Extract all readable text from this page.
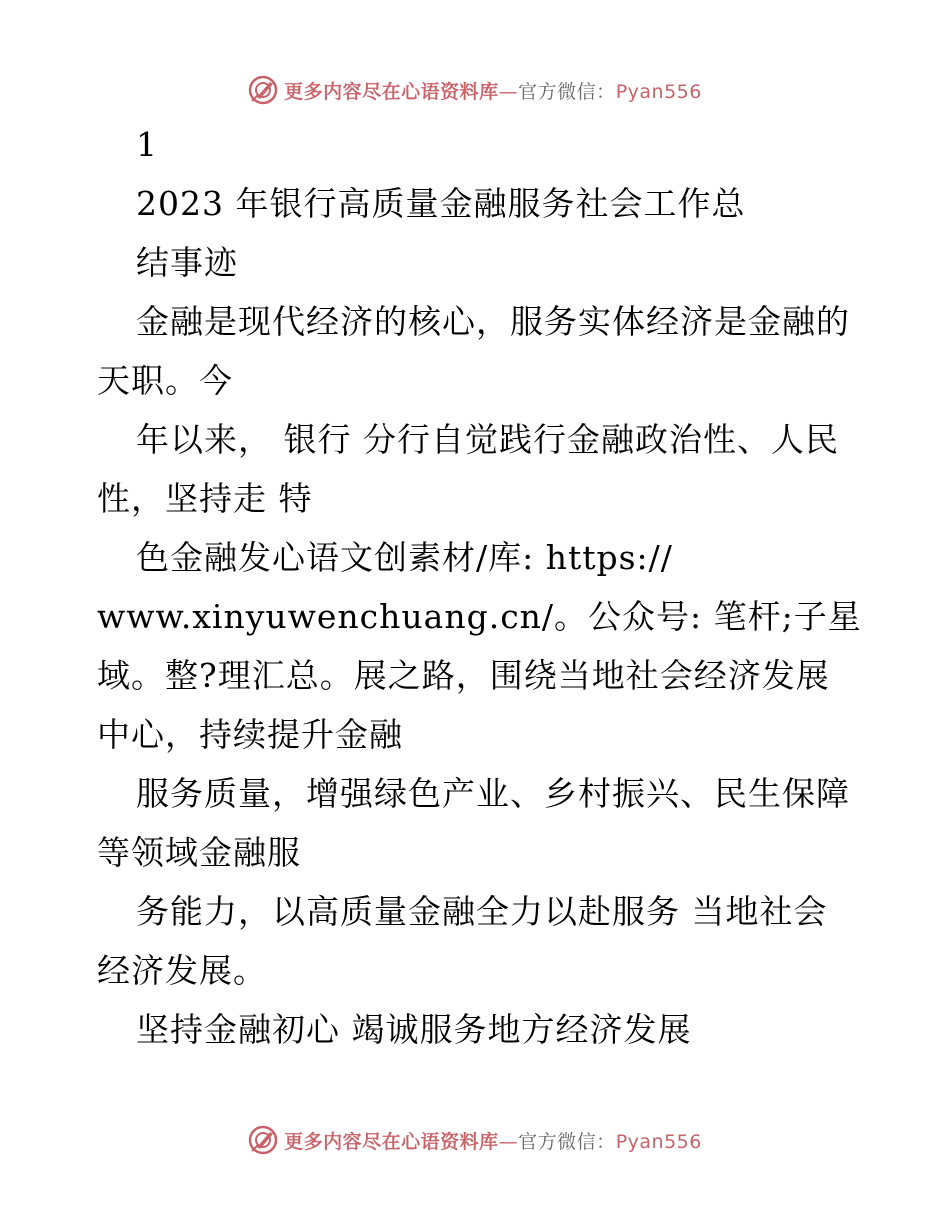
更多内容尽在心语资料库—官方微信：Pyan556
1
2023 年银行高质量金融服务社会工作总
结事迹
金融是现代经济的核心，服务实体经济是金融的
天职。今
年以来， 银行 分行自觉践行金融政治性、人民
性，坚持走 特
色金融发心语文创素材/库: https://
www.xinyuwenchuang.cn/。公众号: 笔杆;子星
域。整?理汇总。展之路，围绕当地社会经济发展
中心，持续提升金融
服务质量，增强绿色产业、乡村振兴、民生保障
等领域金融服
务能力，以高质量金融全力以赴服务 当地社会
经济发展。
坚持金融初心 竭诚服务地方经济发展
更多内容尽在心语资料库—官方微信：Pyan556
